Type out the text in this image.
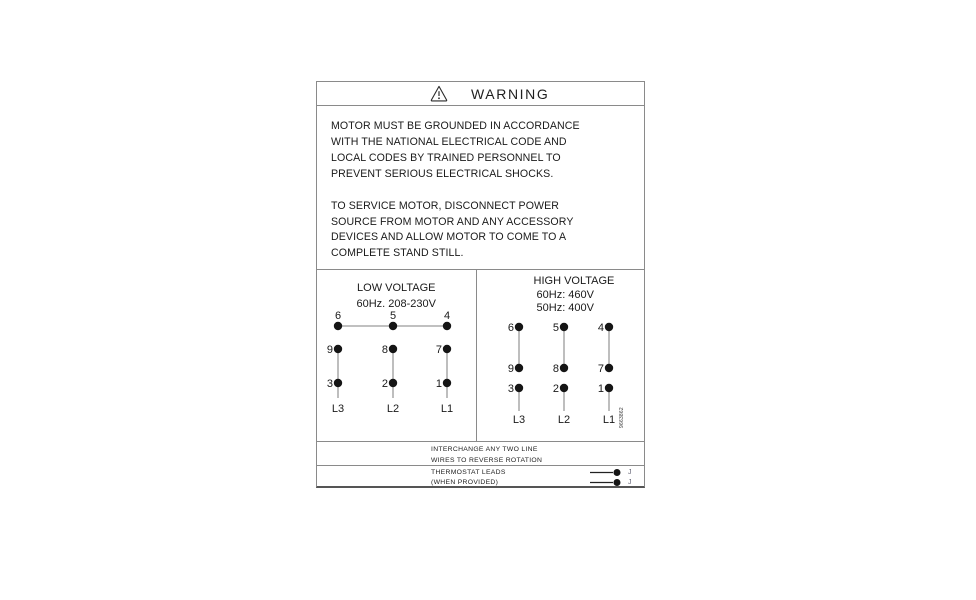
WARNING
MOTOR MUST BE GROUNDED IN ACCORDANCE
WITH THE NATIONAL ELECTRICAL CODE AND
LOCAL CODES BY TRAINED PERSONNEL TO
PREVENT SERIOUS ELECTRICAL SHOCKS.
TO SERVICE MOTOR, DISCONNECT POWER
SOURCE FROM MOTOR AND ANY ACCESSORY
DEVICES AND ALLOW MOTOR TO COME TO A
COMPLETE STAND STILL.
LOW VOLTAGE
60Hz. 208-230V
6
9
3
L3
5
8
2
L2
4
7
1
L1
HIGH VOLTAGE
60Hz: 460V
50Hz: 400V
9663862
6
9
3
L3
5
8
2
L2
4
7
1
L1
INTERCHANGE ANY TWO LINE
WIRES TO REVERSE ROTATION
THERMOSTAT LEADS	J
(WHEN PROVIDED)	J
